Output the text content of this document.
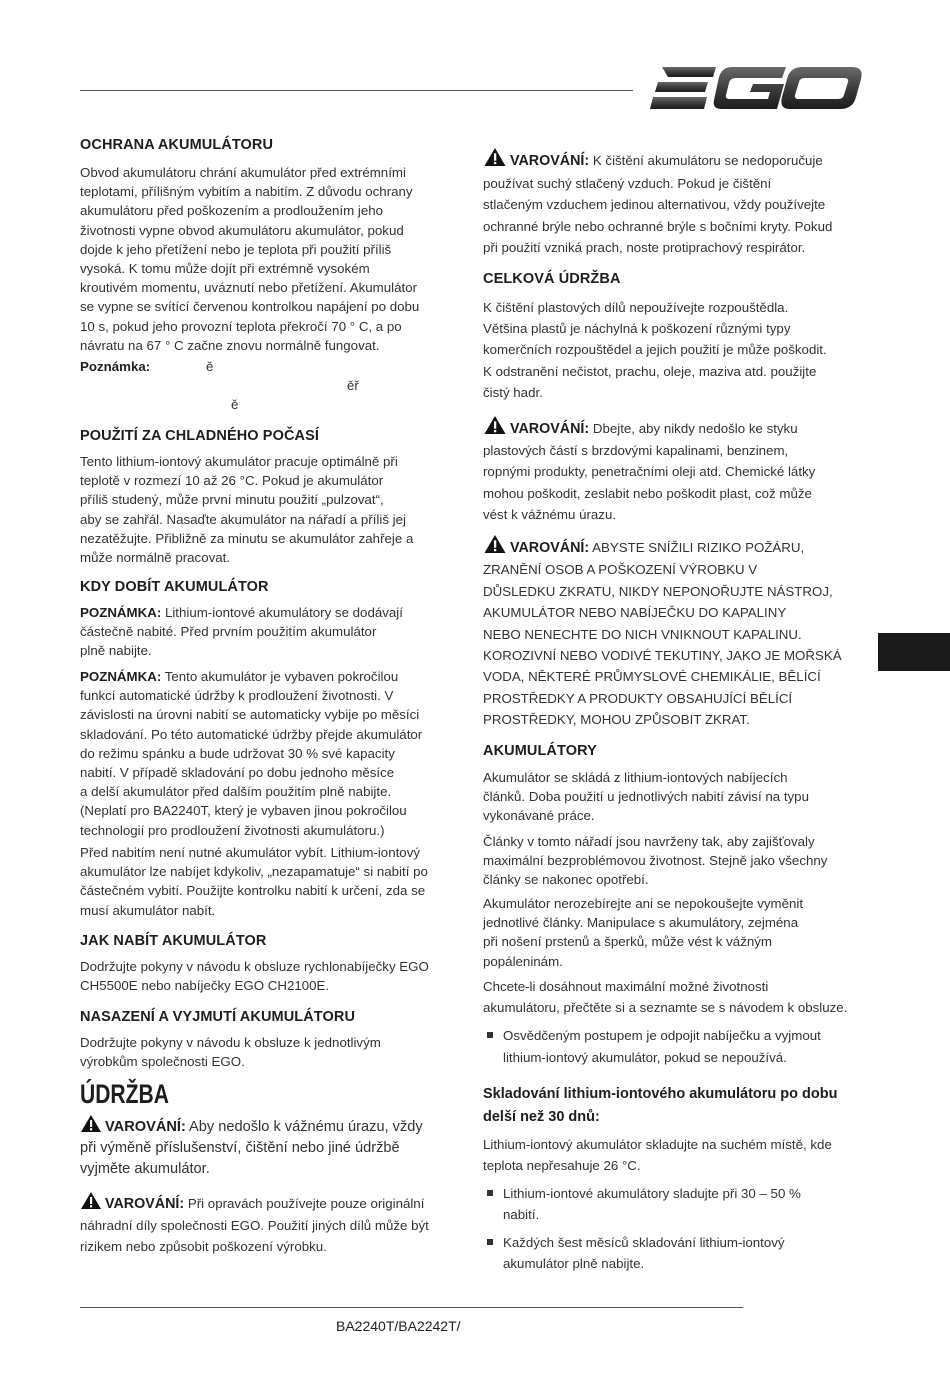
OCHRANA AKUMULÁTORU
Obvod akumulátoru chrání akumulátor před extrémními
teplotami, přílišným vybitím a nabitím. Z důvodu ochrany
akumulátoru před poškozením a prodloužením jeho
životnosti vypne obvod akumulátoru akumulátor, pokud
dojde k jeho přetížení nebo je teplota při použití příliš
vysoká. K tomu může dojít při extrémně vysokém
kroutivém momentu, uváznutí nebo přetížení. Akumulátor
se vypne se svítící červenou kontrolkou napájení po dobu
10 s, pokud jeho provozní teplota překročí 70 ° C, a po
návratu na 67 ° C začne znovu normálně fungovat.
Poznámka:	ě
ěř
ě
POUŽITÍ ZA CHLADNÉHO POČASÍ
Tento lithium-iontový akumulátor pracuje optimálně při
teplotě v rozmezí 10 až 26 °C. Pokud je akumulátor
příliš studený, může první minutu použití „pulzovat“,
aby se zahřál. Nasaďte akumulátor na nářadí a příliš jej
nezatěžujte. Přibližně za minutu se akumulátor zahřeje a
může normálně pracovat.
KDY DOBÍT AKUMULÁTOR
POZNÁMKA: Lithium-iontové akumulátory se dodávají
částečně nabité. Před prvním použitím akumulátor
plně nabijte.
POZNÁMKA: Tento akumulátor je vybaven pokročilou
funkcí automatické údržby k prodloužení životnosti. V
závislosti na úrovni nabití se automaticky vybije po měsíci
skladování. Po této automatické údržby přejde akumulátor
do režimu spánku a bude udržovat 30 % své kapacity
nabití. V případě skladování po dobu jednoho měsíce
a delší akumulátor před dalším použitím plně nabijte.
(Neplatí pro BA2240T, který je vybaven jinou pokročilou
technologií pro prodloužení životnosti akumulátoru.)
Před nabitím není nutné akumulátor vybít. Lithium-iontový
akumulátor lze nabíjet kdykoliv, „nezapamatuje“ si nabití po
částečném vybití. Použijte kontrolku nabití k určení, zda se
musí akumulátor nabít.
JAK NABÍT AKUMULÁTOR
Dodržujte pokyny v návodu k obsluze rychlonabíječky EGO
CH5500E nebo nabíječky EGO CH2100E.
NASAZENÍ A VYJMUTÍ AKUMULÁTORU
Dodržujte pokyny v návodu k obsluze k jednotlivým
výrobkům společnosti EGO.
ÚDRŽBA
VAROVÁNÍ: Aby nedošlo k vážnému úrazu, vždy
při výměně příslušenství, čištění nebo jiné údržbě
vyjměte akumulátor.
VAROVÁNÍ: Při opravách používejte pouze originální
náhradní díly společnosti EGO. Použití jiných dílů může být
rizikem nebo způsobit poškození výrobku.
VAROVÁNÍ: K čištění akumulátoru se nedoporučuje
používat suchý stlačený vzduch. Pokud je čištění
stlačeným vzduchem jedinou alternativou, vždy používejte
ochranné brýle nebo ochranné brýle s bočními kryty. Pokud
při použití vzniká prach, noste protiprachový respirátor.
CELKOVÁ ÚDRŽBA
K čištění plastových dílů nepoužívejte rozpouštědla.
Většina plastů je náchylná k poškození různými typy
komerčních rozpouštědel a jejich použití je může poškodit.
K odstranění nečistot, prachu, oleje, maziva atd. použijte
čistý hadr.
VAROVÁNÍ: Dbejte, aby nikdy nedošlo ke styku
plastových částí s brzdovými kapalinami, benzinem,
ropnými produkty, penetračními oleji atd. Chemické látky
mohou poškodit, zeslabit nebo poškodit plast, což může
vést k vážnému úrazu.
VAROVÁNÍ: ABYSTE SNÍŽILI RIZIKO POŽÁRU,
ZRANĚNÍ OSOB A POŠKOZENÍ VÝROBKU V
DŮSLEDKU ZKRATU, NIKDY NEPONOŘUJTE NÁSTROJ,
AKUMULÁTOR NEBO NABÍJEČKU DO KAPALINY
NEBO NENECHTE DO NICH VNIKNOUT KAPALINU.
KOROZIVNÍ NEBO VODIVÉ TEKUTINY, JAKO JE MOŘSKÁ
VODA, NĚKTERÉ PRŮMYSLOVÉ CHEMIKÁLIE, BĚLÍCÍ
PROSTŘEDKY A PRODUKTY OBSAHUJÍCÍ BĚLÍCÍ
PROSTŘEDKY, MOHOU ZPŮSOBIT ZKRAT.
AKUMULÁTORY
Akumulátor se skládá z lithium-iontových nabíjecích
článků. Doba použití u jednotlivých nabití závisí na typu
vykonávané práce.
Články v tomto nářadí jsou navrženy tak, aby zajišťovaly
maximální bezproblémovou životnost. Stejně jako všechny
články se nakonec opotřebí.
Akumulátor nerozebírejte ani se nepokoušejte vyměnit
jednotlivé články. Manipulace s akumulátory, zejména
při nošení prstenů a šperků, může vést k vážným
popáleninám.
Chcete-li dosáhnout maximální možné životnosti
akumulátoru, přečtěte si a seznamte se s návodem k obsluze.
Osvědčeným postupem je odpojit nabíječku a vyjmout
lithium-iontový akumulátor, pokud se nepoužívá.
Skladování lithium-iontového akumulátoru po dobu
delší než 30 dnů:
Lithium-iontový akumulátor skladujte na suchém místě, kde
teplota nepřesahuje 26 °C.
Lithium-iontové akumulátory sladujte při 30 – 50 %
nabití.
Každých šest měsíců skladování lithium-iontový
akumulátor plně nabijte.
BA2240T/BA2242T/
